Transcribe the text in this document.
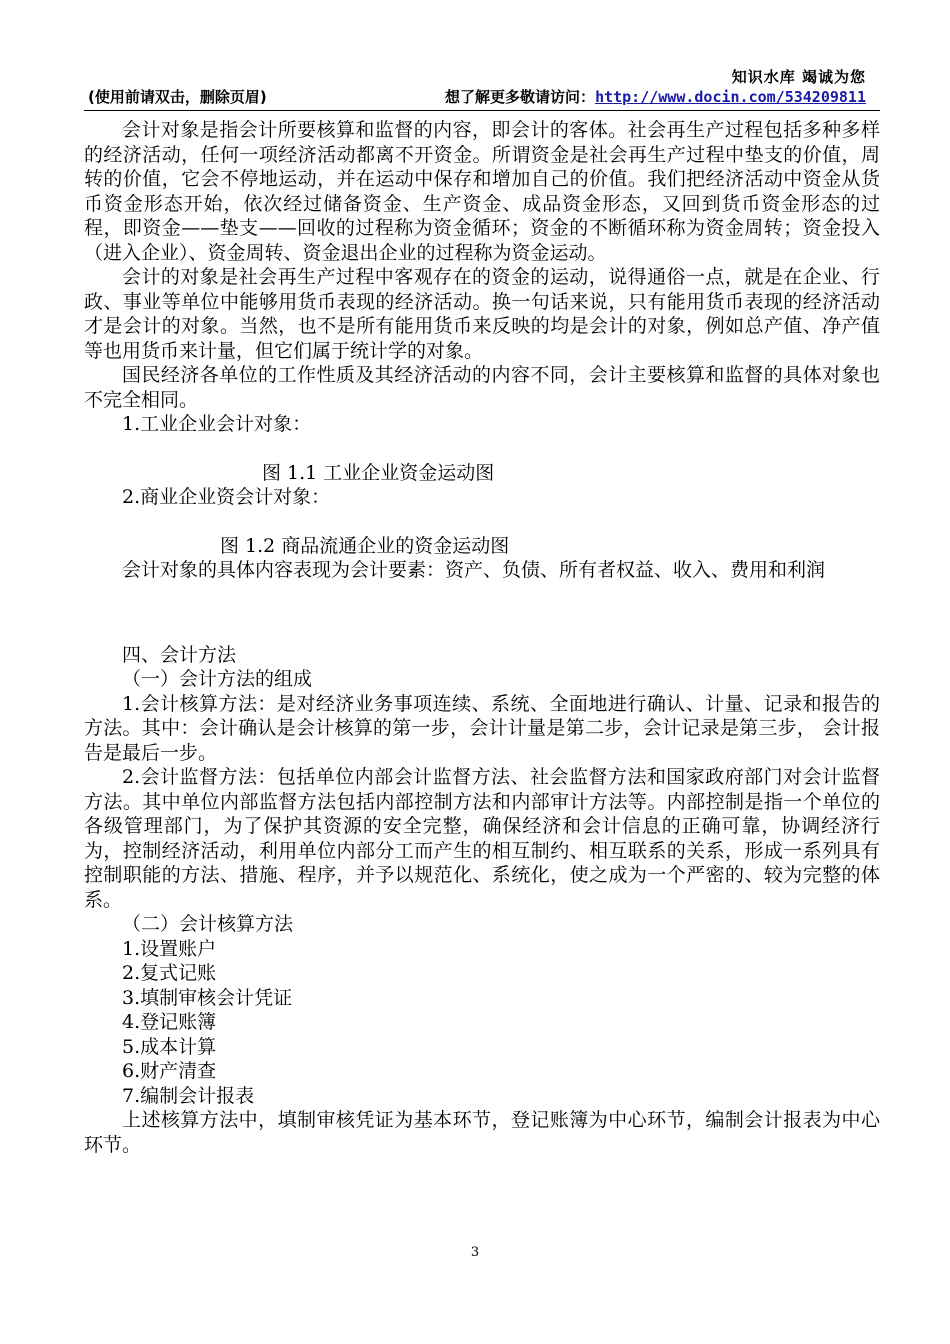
知识水库 竭诚为您
(使用前请双击，删除页眉)	想了解更多敬请访问：http://www.docin.com/534209811

会计对象是指会计所要核算和监督的内容，即会计的客体。社会再生产过程包括多种多样的经济活动，任何一项经济活动都离不开资金。所谓资金是社会再生产过程中垫支的价值，周转的价值，它会不停地运动，并在运动中保存和增加自己的价值。我们把经济活动中资金从货币资金形态开始，依次经过储备资金、生产资金、成品资金形态，又回到货币资金形态的过程，即资金——垫支——回收的过程称为资金循环；资金的不断循环称为资金周转；资金投入（进入企业）、资金周转、资金退出企业的过程称为资金运动。

会计的对象是社会再生产过程中客观存在的资金的运动，说得通俗一点，就是在企业、行政、事业等单位中能够用货币表现的经济活动。换一句话来说，只有能用货币表现的经济活动才是会计的对象。当然，也不是所有能用货币来反映的均是会计的对象，例如总产值、净产值等也用货币来计量，但它们属于统计学的对象。

国民经济各单位的工作性质及其经济活动的内容不同，会计主要核算和监督的具体对象也不完全相同。

1.工业企业会计对象：

图 1.1 工业企业资金运动图

2.商业企业资会计对象：

图 1.2 商品流通企业的资金运动图

会计对象的具体内容表现为会计要素：资产、负债、所有者权益、收入、费用和利润

四、会计方法

（一）会计方法的组成

1.会计核算方法：是对经济业务事项连续、系统、全面地进行确认、计量、记录和报告的方法。其中：会计确认是会计核算的第一步，会计计量是第二步，会计记录是第三步， 会计报告是最后一步。

2.会计监督方法：包括单位内部会计监督方法、社会监督方法和国家政府部门对会计监督方法。其中单位内部监督方法包括内部控制方法和内部审计方法等。内部控制是指一个单位的各级管理部门，为了保护其资源的安全完整，确保经济和会计信息的正确可靠，协调经济行为，控制经济活动，利用单位内部分工而产生的相互制约、相互联系的关系，形成一系列具有控制职能的方法、措施、程序，并予以规范化、系统化，使之成为一个严密的、较为完整的体系。

（二）会计核算方法

1.设置账户

2.复式记账

3.填制审核会计凭证

4.登记账簿

5.成本计算

6.财产清查

7.编制会计报表

上述核算方法中，填制审核凭证为基本环节，登记账簿为中心环节，编制会计报表为中心环节。

3
